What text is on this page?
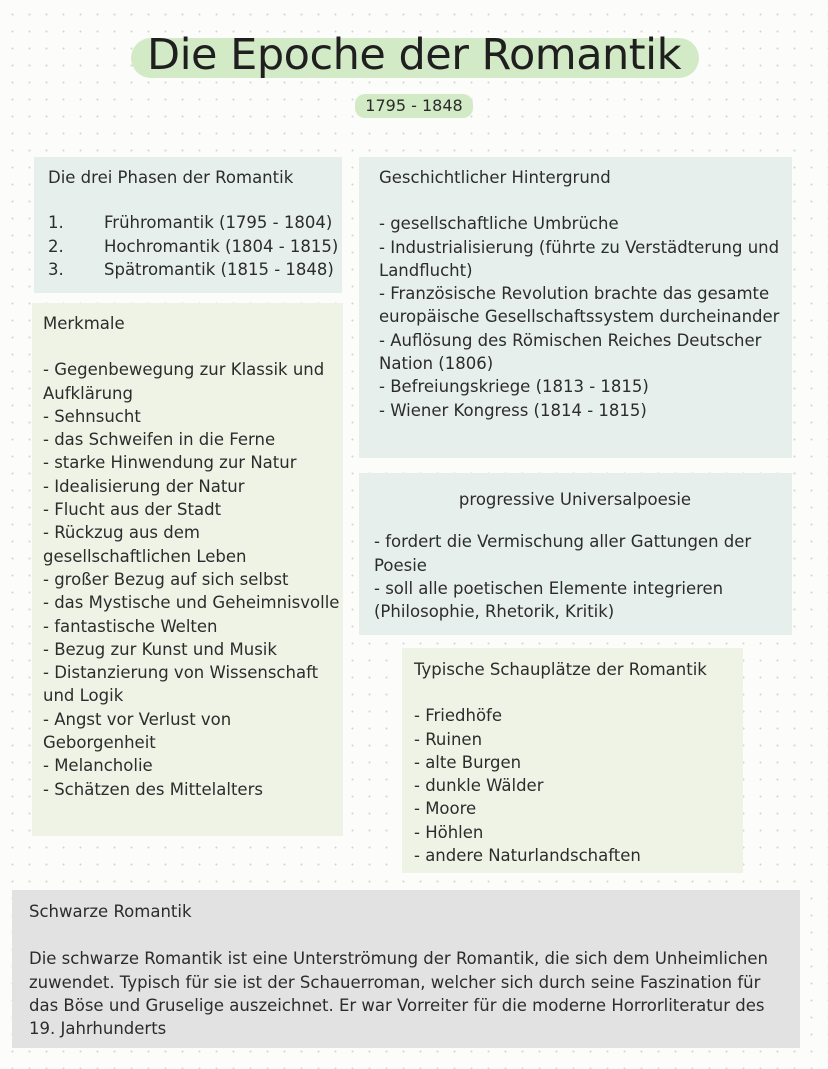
Die Epoche der Romantik
1795 - 1848
Die drei Phasen der Romantik
1.	Frühromantik (1795 - 1804)
2.	Hochromantik (1804 - 1815)
3.	Spätromantik (1815 - 1848)
Merkmale
- Gegenbewegung zur Klassik und Aufklärung
- Sehnsucht
- das Schweifen in die Ferne
- starke Hinwendung zur Natur
- Idealisierung der Natur
- Flucht aus der Stadt
- Rückzug aus dem gesellschaftlichen Leben
- großer Bezug auf sich selbst
- das Mystische und Geheimnisvolle
- fantastische Welten
- Bezug zur Kunst und Musik
- Distanzierung von Wissenschaft und Logik
- Angst vor Verlust von Geborgenheit
- Melancholie
- Schätzen des Mittelalters
Geschichtlicher Hintergrund
- gesellschaftliche Umbrüche
- Industrialisierung (führte zu Verstädterung und Landflucht)
- Französische Revolution brachte das gesamte europäische Gesellschaftssystem durcheinander
- Auflösung des Römischen Reiches Deutscher Nation (1806)
- Befreiungskriege (1813 - 1815)
- Wiener Kongress (1814 - 1815)
progressive Universalpoesie
- fordert die Vermischung aller Gattungen der Poesie
- soll alle poetischen Elemente integrieren (Philosophie, Rhetorik, Kritik)
Typische Schauplätze der Romantik
- Friedhöfe
- Ruinen
- alte Burgen
- dunkle Wälder
- Moore
- Höhlen
- andere Naturlandschaften
Schwarze Romantik

Die schwarze Romantik ist eine Unterströmung der Romantik, die sich dem Unheimlichen zuwendet. Typisch für sie ist der Schauerroman, welcher sich durch seine Faszination für das Böse und Gruselige auszeichnet. Er war Vorreiter für die moderne Horrorliteratur des 19. Jahrhunderts
